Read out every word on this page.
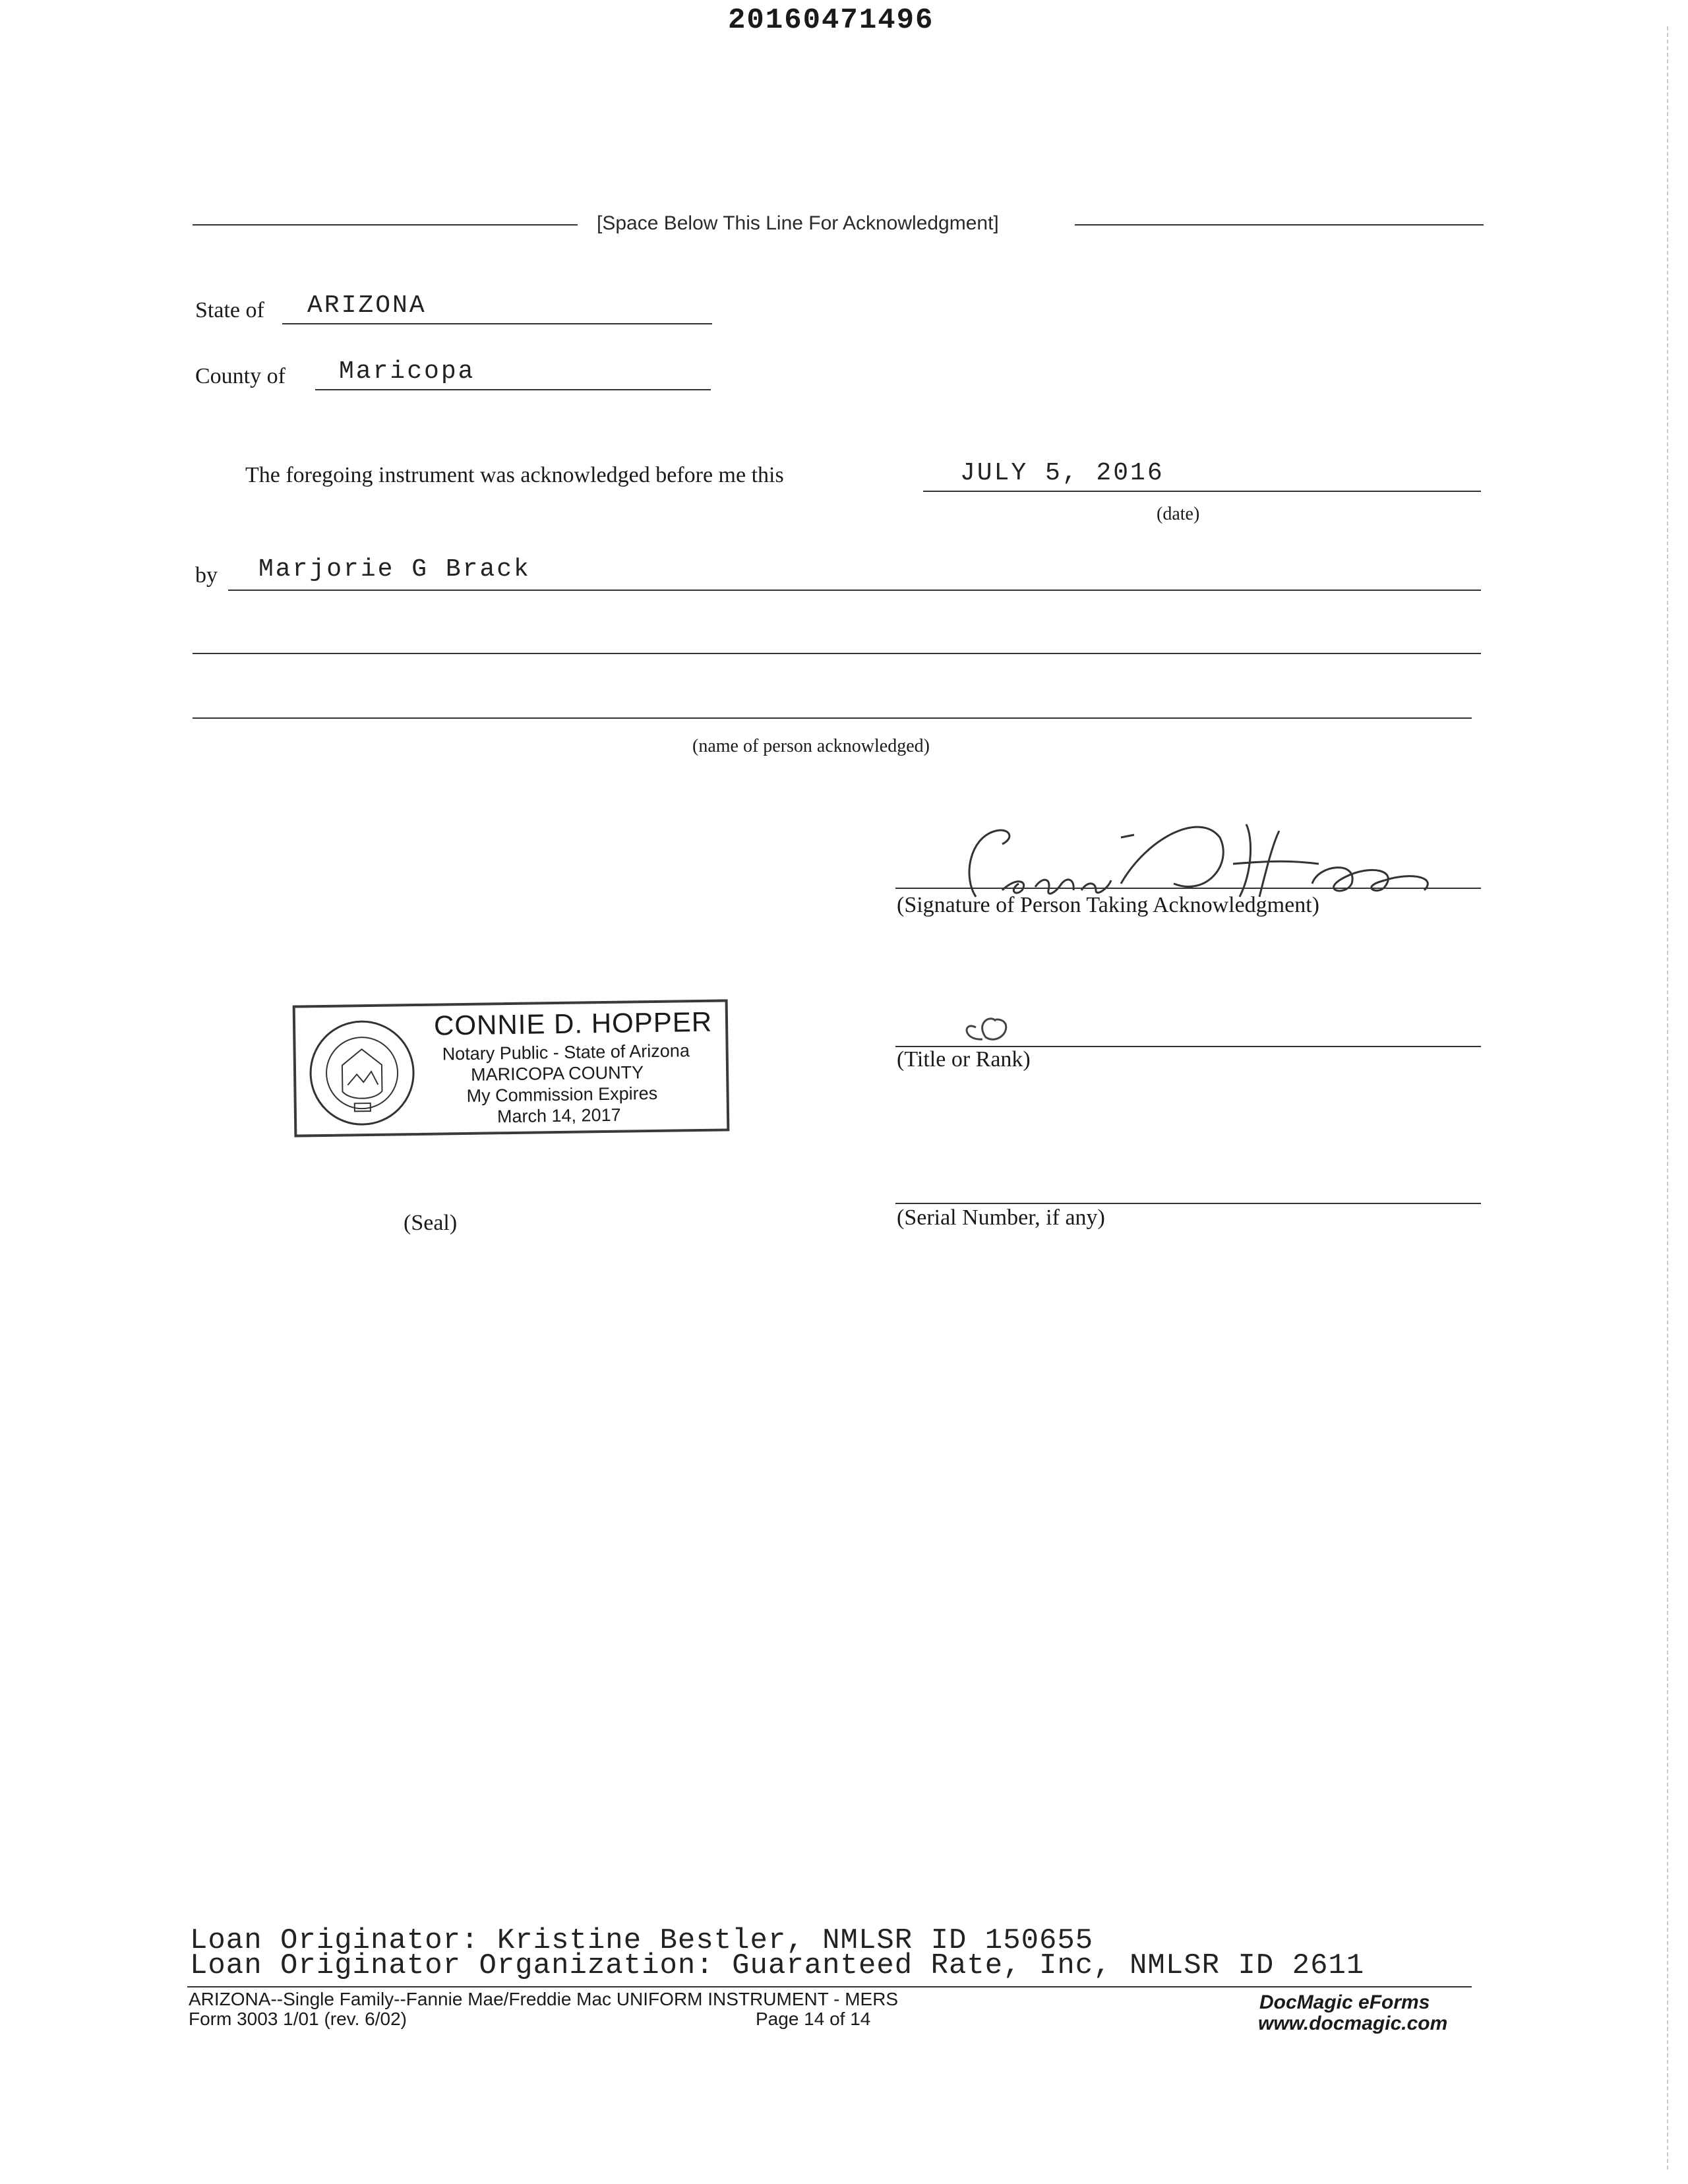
20160471496
[Space Below This Line For Acknowledgment]
State of ARIZONA
County of Maricopa
The foregoing instrument was acknowledged before me this	JULY 5, 2016
(date)
by Marjorie G Brack
(name of person acknowledged)
(Signature of Person Taking Acknowledgment)
(Title or Rank)
CONNIE D. HOPPER
Notary Public - State of Arizona
MARICOPA COUNTY
My Commission Expires
March 14, 2017
(Serial Number, if any)
(Seal)
Loan Originator: Kristine Bestler, NMLSR ID 150655
Loan Originator Organization: Guaranteed Rate, Inc, NMLSR ID 2611
ARIZONA--Single Family--Fannie Mae/Freddie Mac UNIFORM INSTRUMENT - MERS
Form 3003 1/01 (rev. 6/02)	Page 14 of 14
DocMagic eForms
www.docmagic.com
